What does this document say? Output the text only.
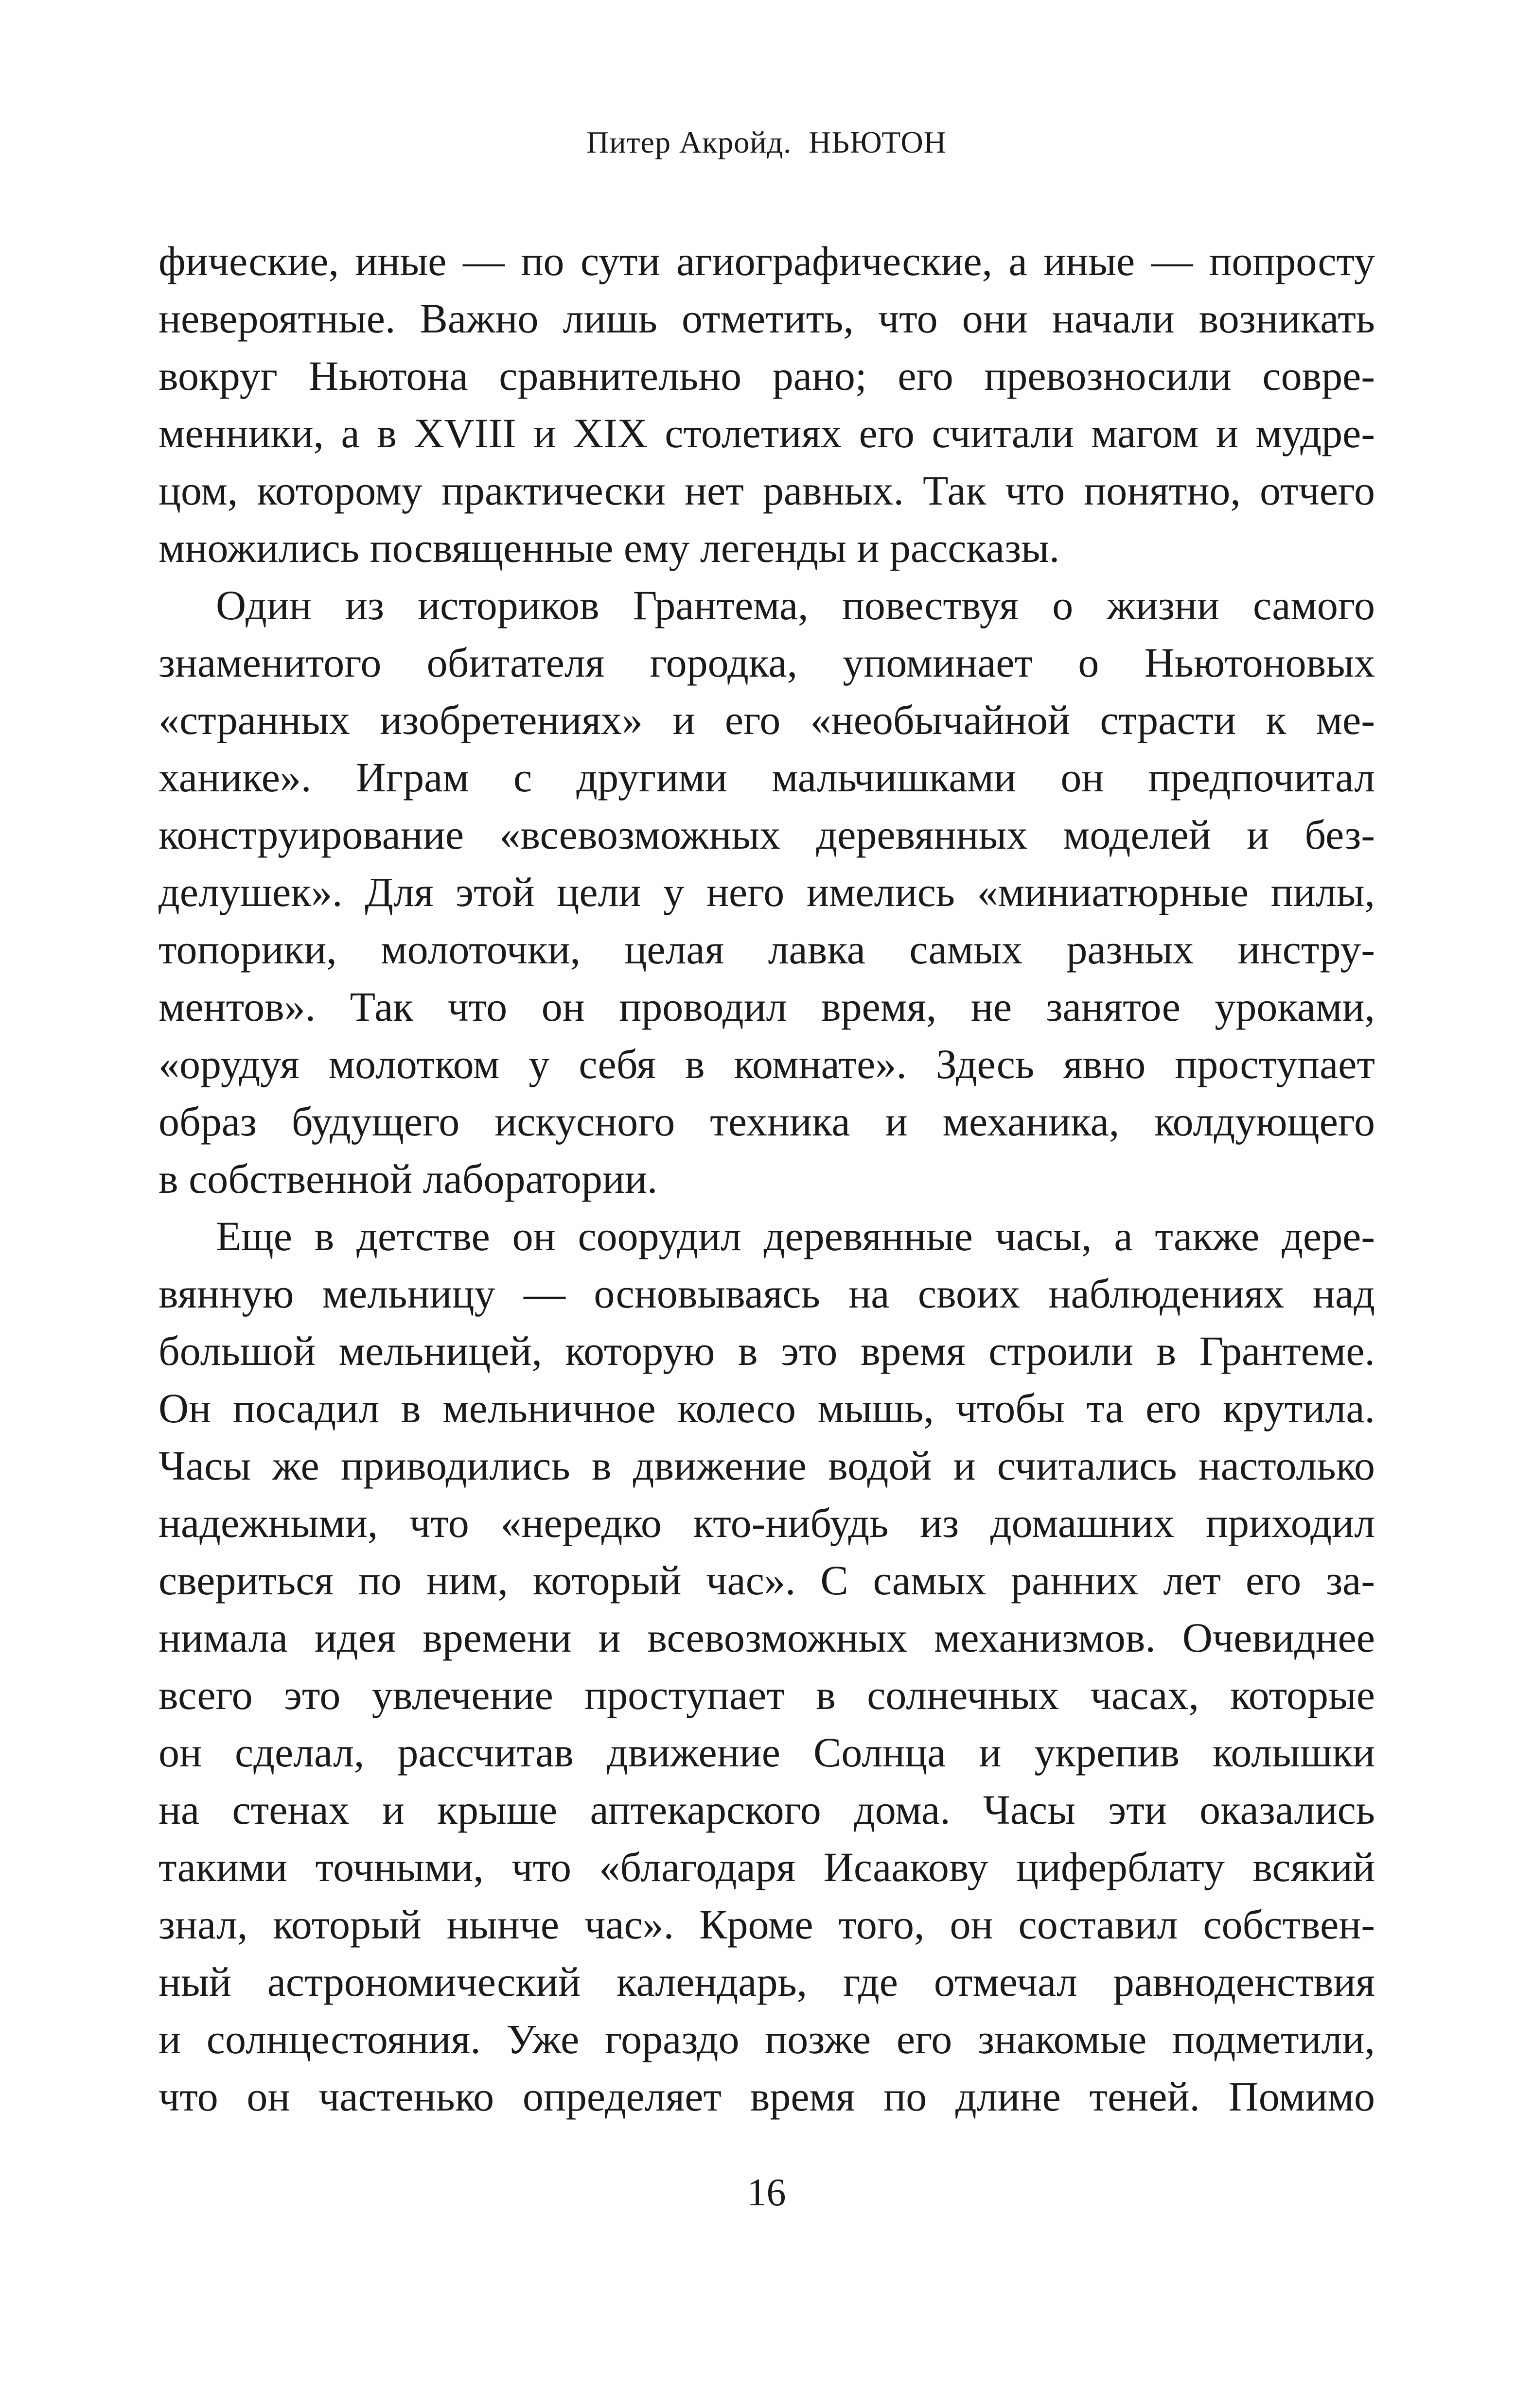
Питер Акройд. НЬЮТОН
фические, иные — по сути агиографические, а иные — попросту
невероятные. Важно лишь отметить, что они начали возникать
вокруг Ньютона сравнительно рано; его превозносили совре-
менники, а в XVIII и XIX столетиях его считали магом и мудре-
цом, которому практически нет равных. Так что понятно, отчего
множились посвященные ему легенды и рассказы.
Один из историков Грантема, повествуя о жизни самого
знаменитого обитателя городка, упоминает о Ньютоновых
«странных изобретениях» и его «необычайной страсти к ме-
ханике». Играм с другими мальчишками он предпочитал
конструирование «всевозможных деревянных моделей и без-
делушек». Для этой цели у него имелись «миниатюрные пилы,
топорики, молоточки, целая лавка самых разных инстру-
ментов». Так что он проводил время, не занятое уроками,
«орудуя молотком у себя в комнате». Здесь явно проступает
образ будущего искусного техника и механика, колдующего
в собственной лаборатории.
Еще в детстве он соорудил деревянные часы, а также дере-
вянную мельницу — основываясь на своих наблюдениях над
большой мельницей, которую в это время строили в Грантеме.
Он посадил в мельничное колесо мышь, чтобы та его крутила.
Часы же приводились в движение водой и считались настолько
надежными, что «нередко кто-нибудь из домашних приходил
свериться по ним, который час». С самых ранних лет его за-
нимала идея времени и всевозможных механизмов. Очевиднее
всего это увлечение проступает в солнечных часах, которые
он сделал, рассчитав движение Солнца и укрепив колышки
на стенах и крыше аптекарского дома. Часы эти оказались
такими точными, что «благодаря Исаакову циферблату всякий
знал, который нынче час». Кроме того, он составил собствен-
ный астрономический календарь, где отмечал равноденствия
и солнцестояния. Уже гораздо позже его знакомые подметили,
что он частенько определяет время по длине теней. Помимо
16
